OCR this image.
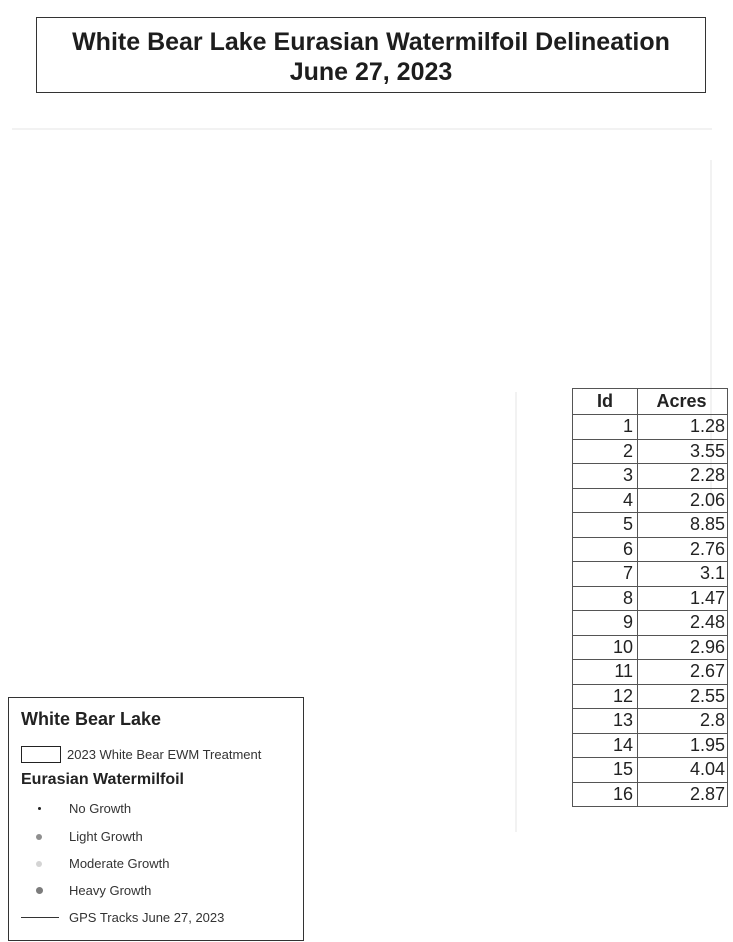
White Bear Lake Eurasian Watermilfoil Delineation
June 27, 2023
Id	Acres
1	1.28
2	3.55
3	2.28
4	2.06
5	8.85
6	2.76
7	3.1
8	1.47
9	2.48
10	2.96
11	2.67
12	2.55
13	2.8
14	1.95
15	4.04
16	2.87
White Bear Lake
2023 White Bear EWM Treatment
Eurasian Watermilfoil
No Growth
Light Growth
Moderate Growth
Heavy Growth
GPS Tracks June 27, 2023
